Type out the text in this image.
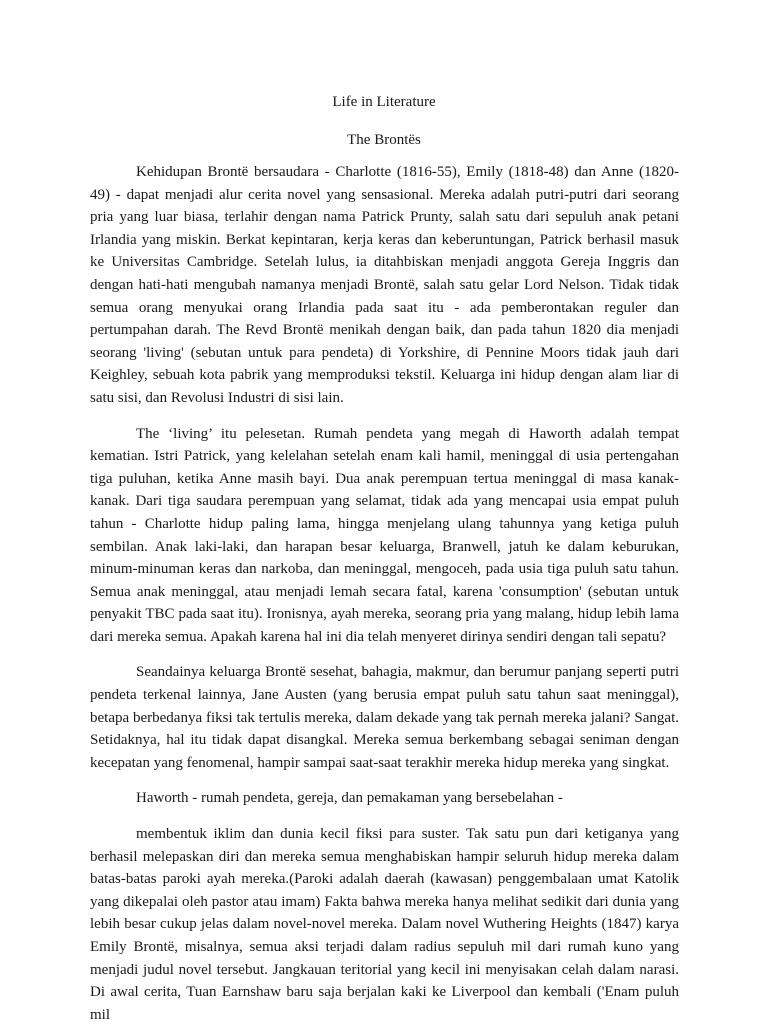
Life in Literature
The Brontës

Kehidupan Brontë bersaudara - Charlotte (1816-55), Emily (1818-48) dan Anne (1820-49) - dapat menjadi alur cerita novel yang sensasional. Mereka adalah putri-putri dari seorang pria yang luar biasa, terlahir dengan nama Patrick Prunty, salah satu dari sepuluh anak petani Irlandia yang miskin. Berkat kepintaran, kerja keras dan keberuntungan, Patrick berhasil masuk ke Universitas Cambridge. Setelah lulus, ia ditahbiskan menjadi anggota Gereja Inggris dan dengan hati-hati mengubah namanya menjadi Brontë, salah satu gelar Lord Nelson. Tidak tidak semua orang menyukai orang Irlandia pada saat itu - ada pemberontakan reguler dan pertumpahan darah. The Revd Brontë menikah dengan baik, dan pada tahun 1820 dia menjadi seorang 'living' (sebutan untuk para pendeta) di Yorkshire, di Pennine Moors tidak jauh dari Keighley, sebuah kota pabrik yang memproduksi tekstil. Keluarga ini hidup dengan alam liar di satu sisi, dan Revolusi Industri di sisi lain.

The ‘living’ itu pelesetan. Rumah pendeta yang megah di Haworth adalah tempat kematian. Istri Patrick, yang kelelahan setelah enam kali hamil, meninggal di usia pertengahan tiga puluhan, ketika Anne masih bayi. Dua anak perempuan tertua meninggal di masa kanak-kanak. Dari tiga saudara perempuan yang selamat, tidak ada yang mencapai usia empat puluh tahun - Charlotte hidup paling lama, hingga menjelang ulang tahunnya yang ketiga puluh sembilan. Anak laki-laki, dan harapan besar keluarga, Branwell, jatuh ke dalam keburukan, minum-minuman keras dan narkoba, dan meninggal, mengoceh, pada usia tiga puluh satu tahun. Semua anak meninggal, atau menjadi lemah secara fatal, karena 'consumption' (sebutan untuk penyakit TBC pada saat itu). Ironisnya, ayah mereka, seorang pria yang malang, hidup lebih lama dari mereka semua. Apakah karena hal ini dia telah menyeret dirinya sendiri dengan tali sepatu?

Seandainya keluarga Brontë sesehat, bahagia, makmur, dan berumur panjang seperti putri pendeta terkenal lainnya, Jane Austen (yang berusia empat puluh satu tahun saat meninggal), betapa berbedanya fiksi tak tertulis mereka, dalam dekade yang tak pernah mereka jalani? Sangat. Setidaknya, hal itu tidak dapat disangkal. Mereka semua berkembang sebagai seniman dengan kecepatan yang fenomenal, hampir sampai saat-saat terakhir mereka hidup mereka yang singkat.

Haworth - rumah pendeta, gereja, dan pemakaman yang bersebelahan -

membentuk iklim dan dunia kecil fiksi para suster. Tak satu pun dari ketiganya yang berhasil melepaskan diri dan mereka semua menghabiskan hampir seluruh hidup mereka dalam batas-batas paroki ayah mereka.(Paroki adalah daerah (kawasan) penggembalaan umat Katolik yang dikepalai oleh pastor atau imam) Fakta bahwa mereka hanya melihat sedikit dari dunia yang lebih besar cukup jelas dalam novel-novel mereka. Dalam novel Wuthering Heights (1847) karya Emily Brontë, misalnya, semua aksi terjadi dalam radius sepuluh mil dari rumah kuno yang menjadi judul novel tersebut. Jangkauan teritorial yang kecil ini menyisakan celah dalam narasi. Di awal cerita, Tuan Earnshaw baru saja berjalan kaki ke Liverpool dan kembali ('Enam puluh mil
